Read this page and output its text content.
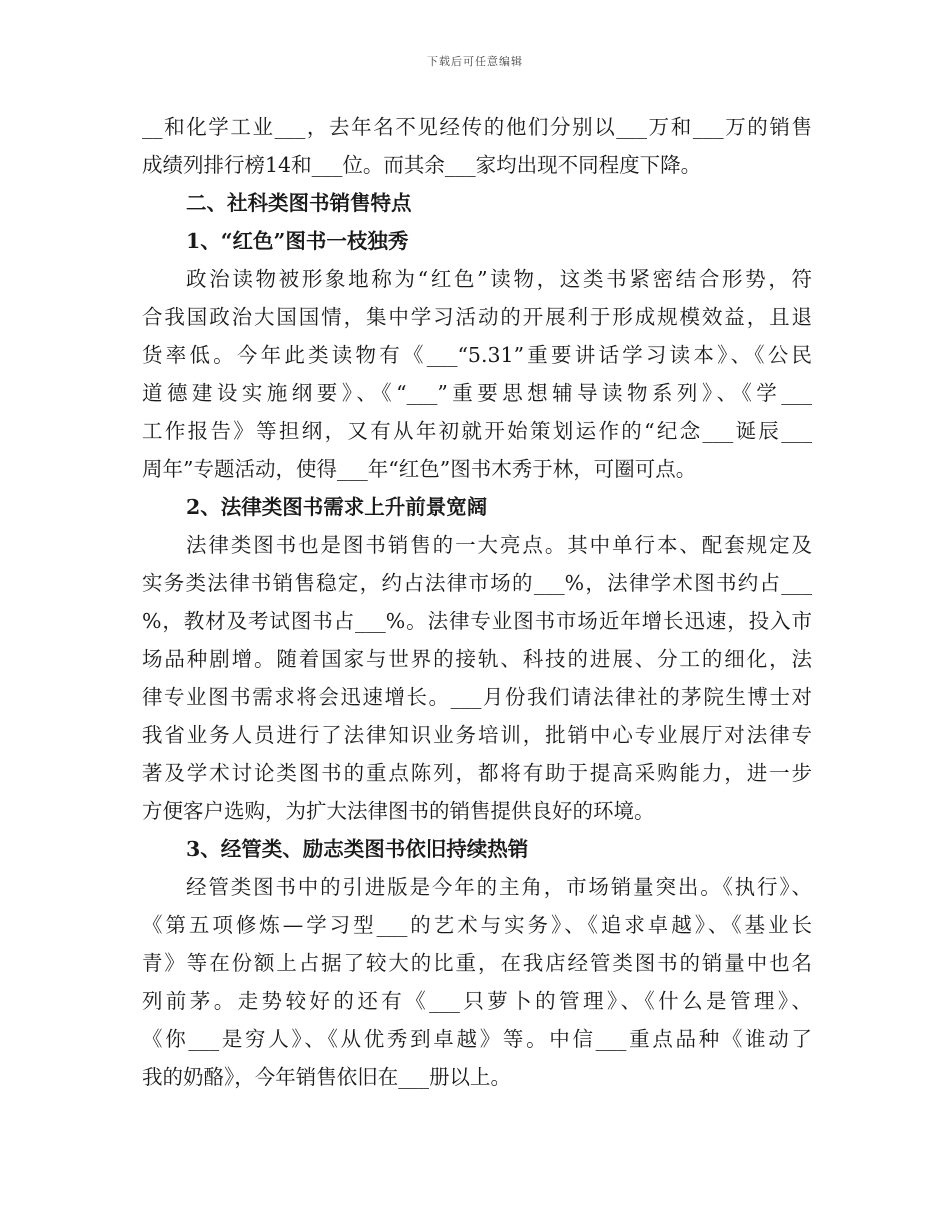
下载后可任意编辑
__和化学工业___，去年名不见经传的他们分别以___万和___万的销售
成绩列排行榜14和___位。而其余___家均出现不同程度下降。
二、社科类图书销售特点
1、“红色”图书一枝独秀
政治读物被形象地称为“红色”读物，这类书紧密结合形势，符
合我国政治大国国情，集中学习活动的开展利于形成规模效益，且退
货率低。今年此类读物有《___“5.31”重要讲话学习读本》、《公民
道德建设实施纲要》、《“___”重要思想辅导读物系列》、《学___
工作报告》等担纲，又有从年初就开始策划运作的“纪念___诞辰___
周年”专题活动，使得___年“红色”图书木秀于林，可圈可点。
2、法律类图书需求上升前景宽阔
法律类图书也是图书销售的一大亮点。其中单行本、配套规定及
实务类法律书销售稳定，约占法律市场的___%，法律学术图书约占___
%，教材及考试图书占___%。法律专业图书市场近年增长迅速，投入市
场品种剧增。随着国家与世界的接轨、科技的进展、分工的细化，法
律专业图书需求将会迅速增长。___月份我们请法律社的茅院生博士对
我省业务人员进行了法律知识业务培训，批销中心专业展厅对法律专
著及学术讨论类图书的重点陈列，都将有助于提高采购能力，进一步
方便客户选购，为扩大法律图书的销售提供良好的环境。
3、经管类、励志类图书依旧持续热销
经管类图书中的引进版是今年的主角，市场销量突出。《执行》、
《第五项修炼—学习型___的艺术与实务》、《追求卓越》、《基业长
青》等在份额上占据了较大的比重，在我店经管类图书的销量中也名
列前茅。走势较好的还有《___只萝卜的管理》、《什么是管理》、
《你___是穷人》、《从优秀到卓越》等。中信___重点品种《谁动了
我的奶酪》，今年销售依旧在___册以上。
